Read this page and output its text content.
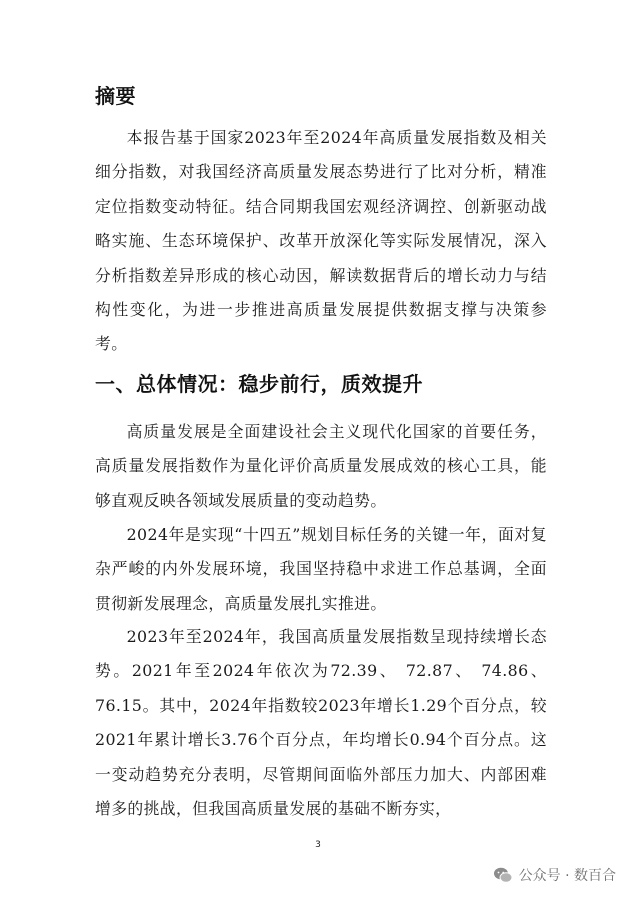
摘要
本报告基于国家2023年至2024年高质量发展指数及相关细分指数，对我国经济高质量发展态势进行了比对分析，精准定位指数变动特征。结合同期我国宏观经济调控、创新驱动战略实施、生态环境保护、改革开放深化等实际发展情况，深入分析指数差异形成的核心动因，解读数据背后的增长动力与结构性变化，为进一步推进高质量发展提供数据支撑与决策参考。
一、总体情况：稳步前行，质效提升
高质量发展是全面建设社会主义现代化国家的首要任务，高质量发展指数作为量化评价高质量发展成效的核心工具，能够直观反映各领域发展质量的变动趋势。
2024年是实现“十四五”规划目标任务的关键一年，面对复杂严峻的内外发展环境，我国坚持稳中求进工作总基调，全面贯彻新发展理念，高质量发展扎实推进。
2023年至2024年，我国高质量发展指数呈现持续增长态势。2021年至2024年依次为72.39、 72.87、 74.86、76.15。其中，2024年指数较2023年增长1.29个百分点，较2021年累计增长3.76个百分点，年均增长0.94个百分点。这一变动趋势充分表明，尽管期间面临外部压力加大、内部困难增多的挑战，但我国高质量发展的基础不断夯实，
3
公众号 · 数百合
